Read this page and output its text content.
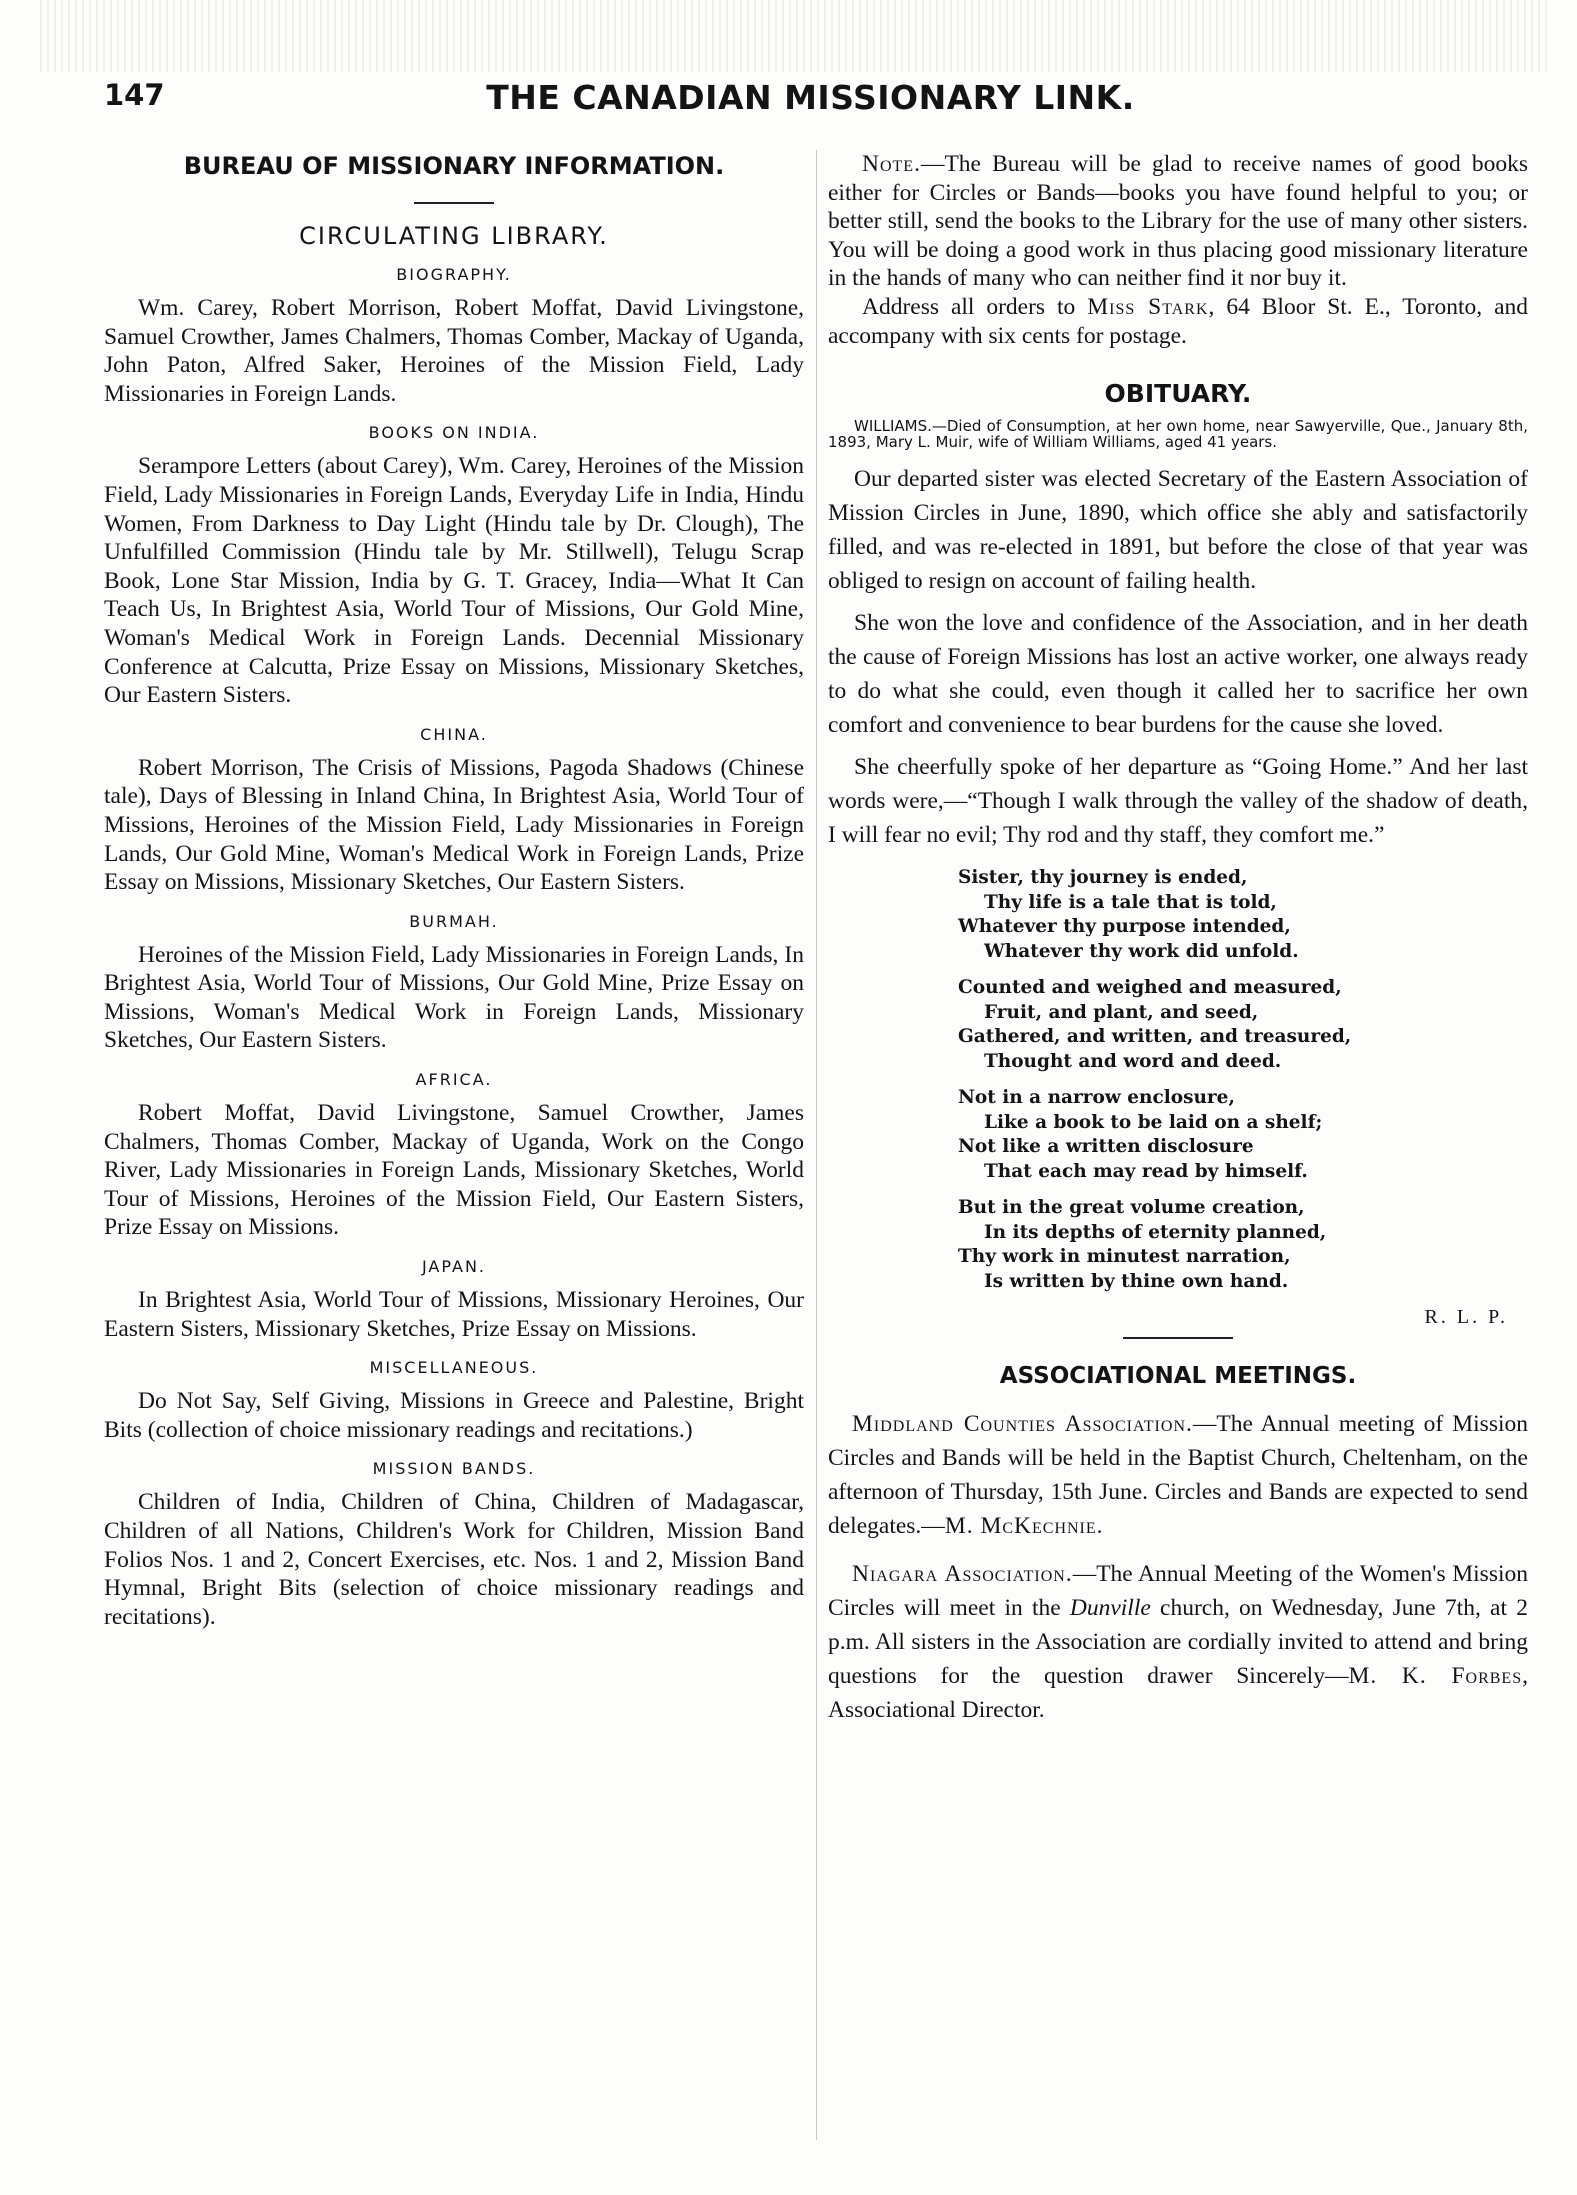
147	THE CANADIAN MISSIONARY LINK.
BUREAU OF MISSIONARY INFORMATION.
CIRCULATING LIBRARY.
BIOGRAPHY.

Wm. Carey, Robert Morrison, Robert Moffat, David Livingstone, Samuel Crowther, James Chalmers, Thomas Comber, Mackay of Uganda, John Paton, Alfred Saker, Heroines of the Mission Field, Lady Missionaries in Foreign Lands.

BOOKS ON INDIA.

Serampore Letters (about Carey), Wm. Carey, Heroines of the Mission Field, Lady Missionaries in Foreign Lands, Everyday Life in India, Hindu Women, From Darkness to Day Light (Hindu tale by Dr. Clough), The Unfulfilled Commission (Hindu tale by Mr. Stillwell), Telugu Scrap Book, Lone Star Mission, India by G. T. Gracey, India—What It Can Teach Us, In Brightest Asia, World Tour of Missions, Our Gold Mine, Woman's Medical Work in Foreign Lands. Decennial Missionary Conference at Calcutta, Prize Essay on Missions, Missionary Sketches, Our Eastern Sisters.

CHINA.

Robert Morrison, The Crisis of Missions, Pagoda Shadows (Chinese tale), Days of Blessing in Inland China, In Brightest Asia, World Tour of Missions, Heroines of the Mission Field, Lady Missionaries in Foreign Lands, Our Gold Mine, Woman's Medical Work in Foreign Lands, Prize Essay on Missions, Missionary Sketches, Our Eastern Sisters.

BURMAH.

Heroines of the Mission Field, Lady Missionaries in Foreign Lands, In Brightest Asia, World Tour of Missions, Our Gold Mine, Prize Essay on Missions, Woman's Medical Work in Foreign Lands, Missionary Sketches, Our Eastern Sisters.

AFRICA.

Robert Moffat, David Livingstone, Samuel Crowther, James Chalmers, Thomas Comber, Mackay of Uganda, Work on the Congo River, Lady Missionaries in Foreign Lands, Missionary Sketches, World Tour of Missions, Heroines of the Mission Field, Our Eastern Sisters, Prize Essay on Missions.

JAPAN.

In Brightest Asia, World Tour of Missions, Missionary Heroines, Our Eastern Sisters, Missionary Sketches, Prize Essay on Missions.

MISCELLANEOUS.

Do Not Say, Self Giving, Missions in Greece and Palestine, Bright Bits (collection of choice missionary readings and recitations.)

MISSION BANDS.

Children of India, Children of China, Children of Madagascar, Children of all Nations, Children's Work for Children, Mission Band Folios Nos. 1 and 2, Concert Exercises, etc. Nos. 1 and 2, Mission Band Hymnal, Bright Bits (selection of choice missionary readings and recitations).

Note.—The Bureau will be glad to receive names of good books either for Circles or Bands—books you have found helpful to you; or better still, send the books to the Library for the use of many other sisters. You will be doing a good work in thus placing good missionary literature in the hands of many who can neither find it nor buy it.

Address all orders to Miss Stark, 64 Bloor St. E., Toronto, and accompany with six cents for postage.

OBITUARY.

WILLIAMS.—Died of Consumption, at her own home, near Sawyerville, Que., January 8th, 1893, Mary L. Muir, wife of William Williams, aged 41 years.

Our departed sister was elected Secretary of the Eastern Association of Mission Circles in June, 1890, which office she ably and satisfactorily filled, and was re-elected in 1891, but before the close of that year was obliged to resign on account of failing health.

She won the love and confidence of the Association, and in her death the cause of Foreign Missions has lost an active worker, one always ready to do what she could, even though it called her to sacrifice her own comfort and convenience to bear burdens for the cause she loved.

She cheerfully spoke of her departure as “Going Home.” And her last words were,—“Though I walk through the valley of the shadow of death, I will fear no evil; Thy rod and thy staff, they comfort me.”

Sister, thy journey is ended,
Thy life is a tale that is told,
Whatever thy purpose intended,
Whatever thy work did unfold.
Counted and weighed and measured,
Fruit, and plant, and seed,
Gathered, and written, and treasured,
Thought and word and deed.
Not in a narrow enclosure,
Like a book to be laid on a shelf;
Not like a written disclosure
That each may read by himself.
But in the great volume creation,
In its depths of eternity planned,
Thy work in minutest narration,
Is written by thine own hand.

R. L. P.

ASSOCIATIONAL MEETINGS.

Middland Counties Association.—The Annual meeting of Mission Circles and Bands will be held in the Baptist Church, Cheltenham, on the afternoon of Thursday, 15th June. Circles and Bands are expected to send delegates.—M. McKechnie.

Niagara Association.—The Annual Meeting of the Women's Mission Circles will meet in the Dunville church, on Wednesday, June 7th, at 2 p.m. All sisters in the Association are cordially invited to attend and bring questions for the question drawer Sincerely—M. K. Forbes, Associational Director.
